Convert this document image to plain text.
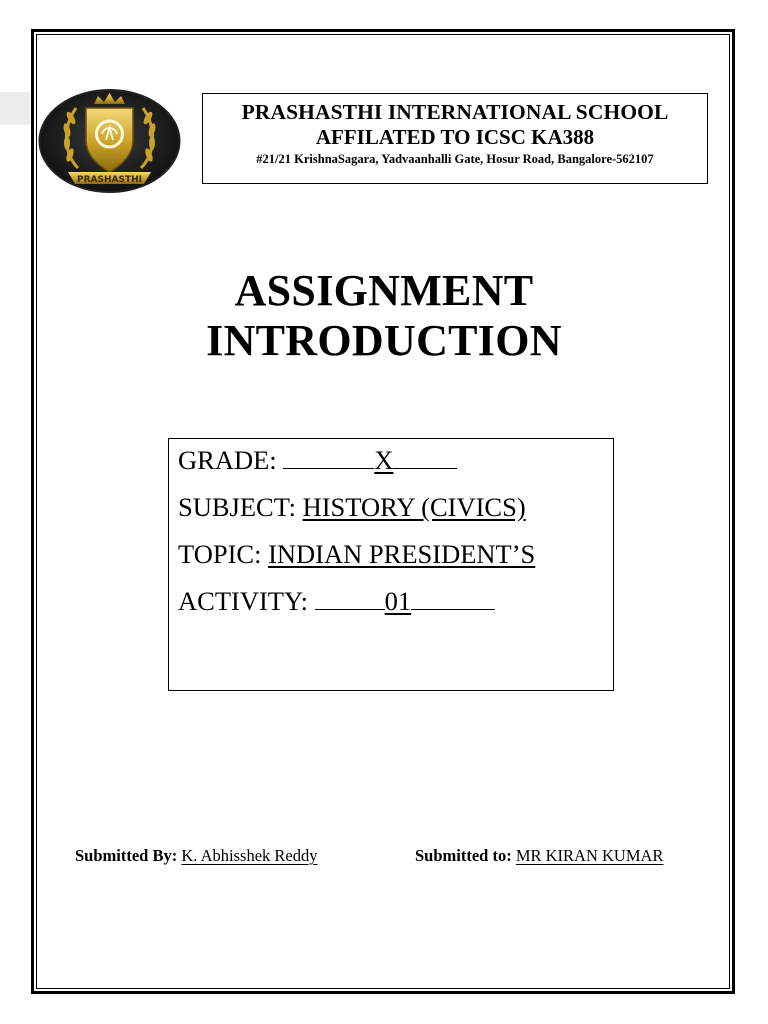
PRASHASTHI
PRASHASTHI INTERNATIONAL SCHOOL
AFFILATED TO ICSC KA388
#21/21 KrishnaSagara, Yadvaanhalli Gate, Hosur Road, Bangalore-562107
ASSIGNMENT
INTRODUCTION
GRADE:	X
SUBJECT: HISTORY (CIVICS)
TOPIC: INDIAN PRESIDENT’S
ACTIVITY:	01
Submitted By: K. Abhisshek Reddy	Submitted to: MR KIRAN KUMAR
